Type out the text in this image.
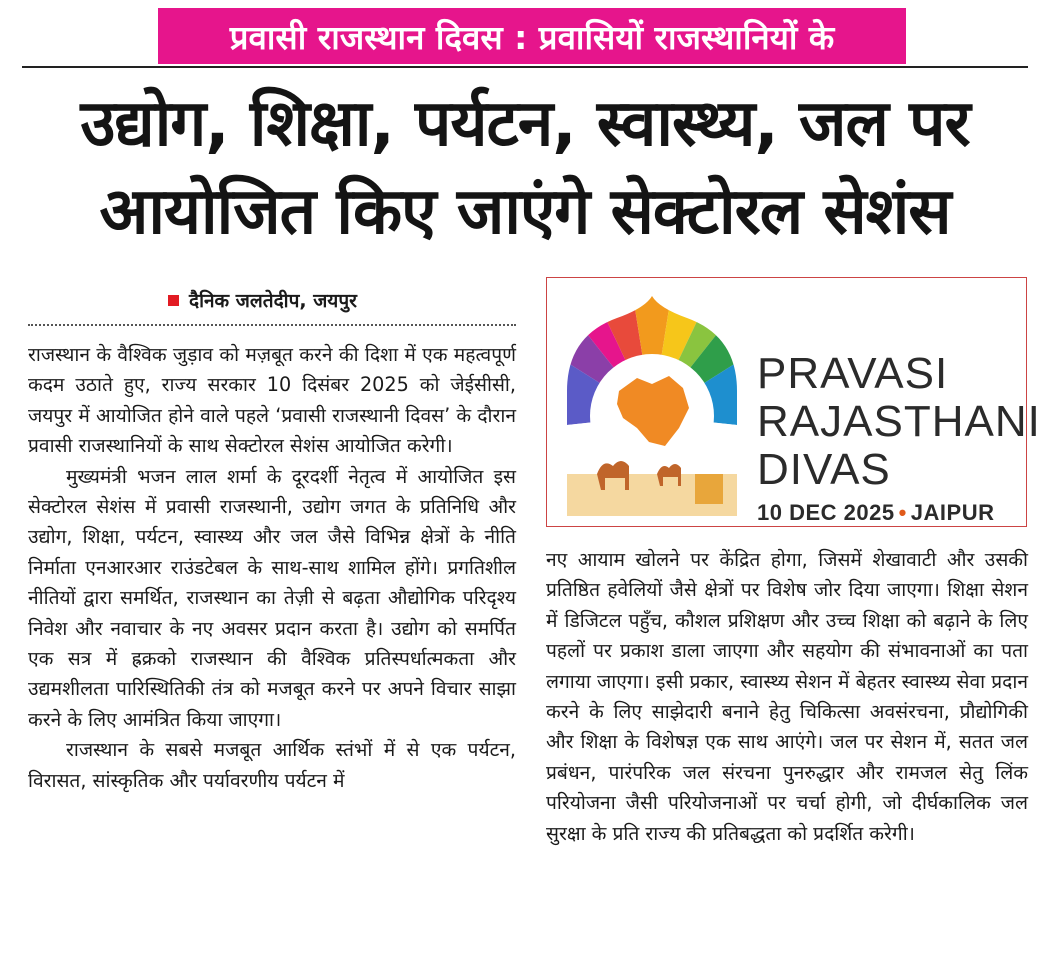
प्रवासी राजस्थान दिवस : प्रवासियों राजस्थानियों के
उद्योग, शिक्षा, पर्यटन, स्वास्थ्य, जल पर
आयोजित किए जाएंगे सेक्टोरल सेशंस
दैनिक जलतेदीप, जयपुर

राजस्थान के वैश्विक जुड़ाव को मज़बूत करने की दिशा में एक महत्वपूर्ण कदम उठाते हुए, राज्य सरकार 10 दिसंबर 2025 को जेईसीसी, जयपुर में आयोजित होने वाले पहले ‘प्रवासी राजस्थानी दिवस’ के दौरान प्रवासी राजस्थानियों के साथ सेक्टोरल सेशंस आयोजित करेगी।

मुख्यमंत्री भजन लाल शर्मा के दूरदर्शी नेतृत्व में आयोजित इस सेक्टोरल सेशंस में प्रवासी राजस्थानी, उद्योग जगत के प्रतिनिधि और उद्योग, शिक्षा, पर्यटन, स्वास्थ्य और जल जैसे विभिन्न क्षेत्रों के नीति निर्माता एनआरआर राउंडटेबल के साथ-साथ शामिल होंगे। प्रगतिशील नीतियों द्वारा समर्थित, राजस्थान का तेज़ी से बढ़ता औद्योगिक परिदृश्य निवेश और नवाचार के नए अवसर प्रदान करता है। उद्योग को समर्पित एक सत्र में ह्रक्रको राजस्थान की वैश्विक प्रतिस्पर्धात्मकता और उद्यमशीलता पारिस्थितिकी तंत्र को मजबूत करने पर अपने विचार साझा करने के लिए आमंत्रित किया जाएगा।

राजस्थान के सबसे मजबूत आर्थिक स्तंभों में से एक पर्यटन, विरासत, सांस्कृतिक और पर्यावरणीय पर्यटन में

PRAVASI
RAJASTHANI
DIVAS
10 DEC 2025 • JAIPUR

नए आयाम खोलने पर केंद्रित होगा, जिसमें शेखावाटी और उसकी प्रतिष्ठित हवेलियों जैसे क्षेत्रों पर विशेष जोर दिया जाएगा। शिक्षा सेशन में डिजिटल पहुँच, कौशल प्रशिक्षण और उच्च शिक्षा को बढ़ाने के लिए पहलों पर प्रकाश डाला जाएगा और सहयोग की संभावनाओं का पता लगाया जाएगा। इसी प्रकार, स्वास्थ्य सेशन में बेहतर स्वास्थ्य सेवा प्रदान करने के लिए साझेदारी बनाने हेतु चिकित्सा अवसंरचना, प्रौद्योगिकी और शिक्षा के विशेषज्ञ एक साथ आएंगे। जल पर सेशन में, सतत जल प्रबंधन, पारंपरिक जल संरचना पुनरुद्धार और रामजल सेतु लिंक परियोजना जैसी परियोजनाओं पर चर्चा होगी, जो दीर्घकालिक जल सुरक्षा के प्रति राज्य की प्रतिबद्धता को प्रदर्शित करेगी।
